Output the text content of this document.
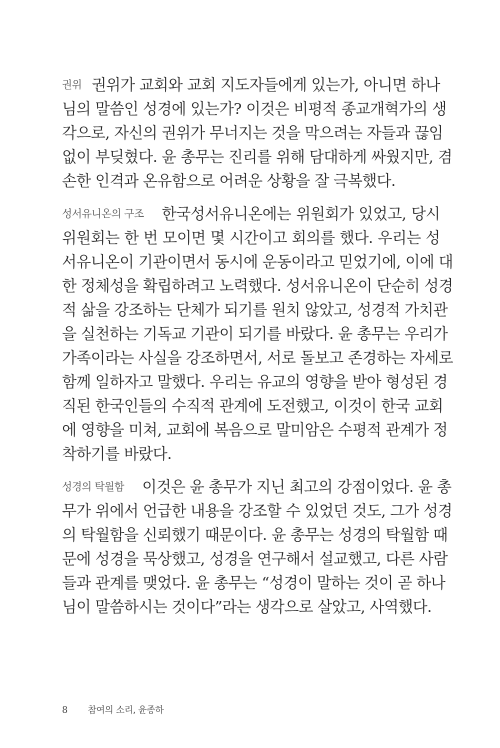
권위 권위가 교회와 교회 지도자들에게 있는가, 아니면 하나
님의 말씀인 성경에 있는가? 이것은 비평적 종교개혁가의 생
각으로, 자신의 권위가 무너지는 것을 막으려는 자들과 끊임
없이 부딪혔다. 윤 총무는 진리를 위해 담대하게 싸웠지만, 겸
손한 인격과 온유함으로 어려운 상황을 잘 극복했다.
성서유니온의 구조 한국성서유니온에는 위원회가 있었고, 당시
위원회는 한 번 모이면 몇 시간이고 회의를 했다. 우리는 성
서유니온이 기관이면서 동시에 운동이라고 믿었기에, 이에 대
한 정체성을 확립하려고 노력했다. 성서유니온이 단순히 성경
적 삶을 강조하는 단체가 되기를 원치 않았고, 성경적 가치관
을 실천하는 기독교 기관이 되기를 바랐다. 윤 총무는 우리가
가족이라는 사실을 강조하면서, 서로 돌보고 존경하는 자세로
함께 일하자고 말했다. 우리는 유교의 영향을 받아 형성된 경
직된 한국인들의 수직적 관계에 도전했고, 이것이 한국 교회
에 영향을 미쳐, 교회에 복음으로 말미암은 수평적 관계가 정
착하기를 바랐다.
성경의 탁월함 이것은 윤 총무가 지닌 최고의 강점이었다. 윤 총
무가 위에서 언급한 내용을 강조할 수 있었던 것도, 그가 성경
의 탁월함을 신뢰했기 때문이다. 윤 총무는 성경의 탁월함 때
문에 성경을 묵상했고, 성경을 연구해서 설교했고, 다른 사람
들과 관계를 맺었다. 윤 총무는 “성경이 말하는 것이 곧 하나
님이 말씀하시는 것이다”라는 생각으로 살았고, 사역했다.
8 참여의 소리, 윤종하
